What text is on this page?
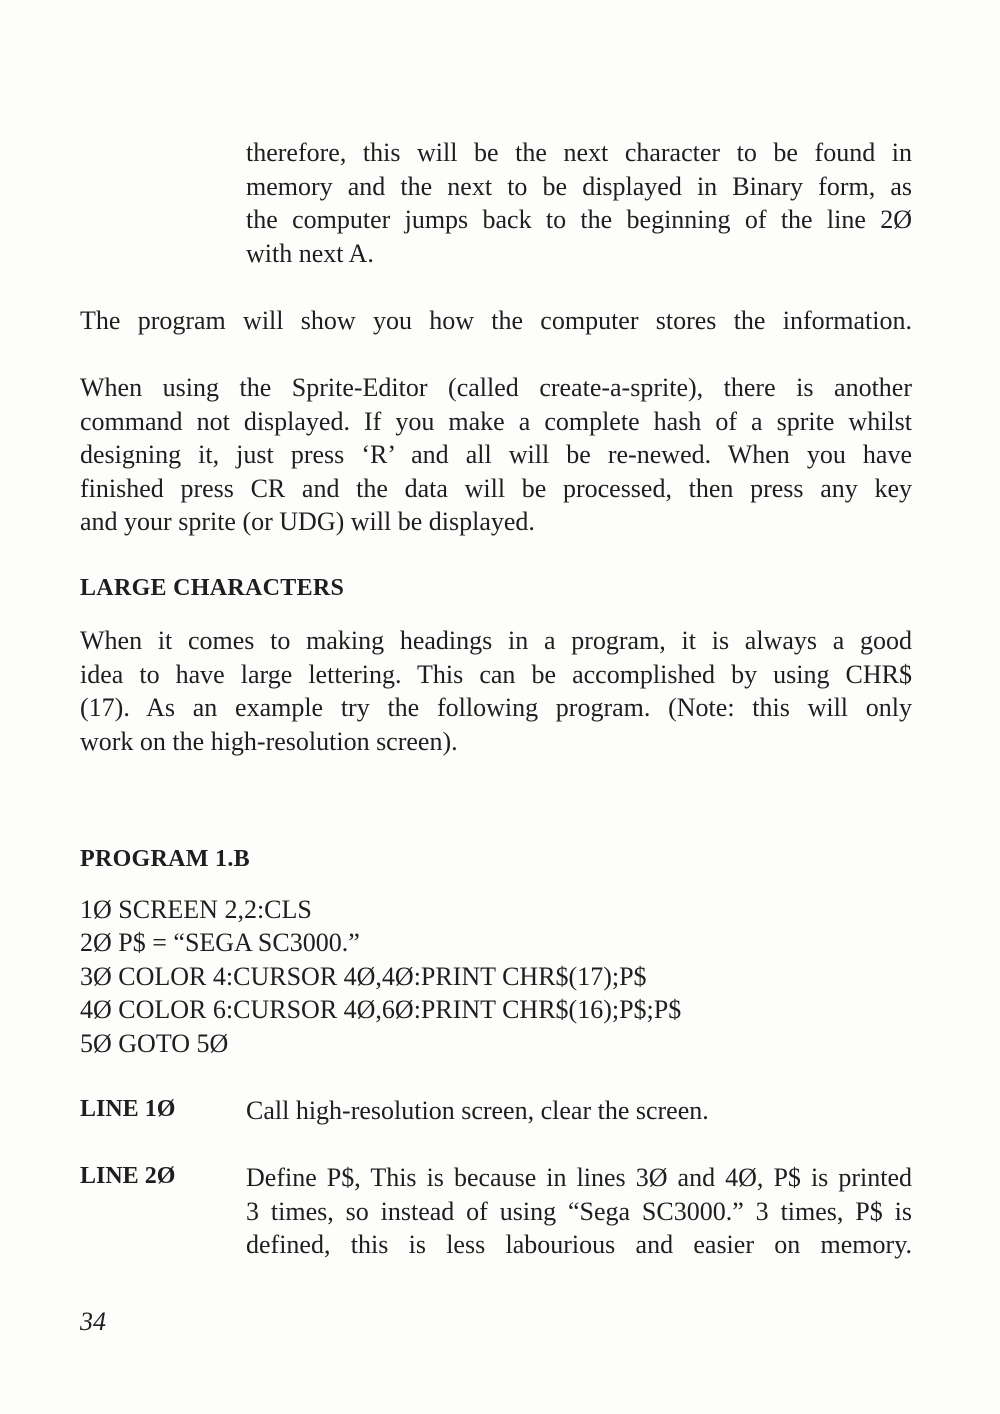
therefore, this will be the next character to be found in
memory and the next to be displayed in Binary form, as
the computer jumps back to the beginning of the line 2Ø
with next A.
The program will show you how the computer stores the information.
When using the Sprite-Editor (called create-a-sprite), there is another
command not displayed. If you make a complete hash of a sprite whilst
designing it, just press ‘R’ and all will be re-newed. When you have
finished press CR and the data will be processed, then press any key
and your sprite (or UDG) will be displayed.
LARGE CHARACTERS
When it comes to making headings in a program, it is always a good
idea to have large lettering. This can be accomplished by using CHR$
(17). As an example try the following program. (Note: this will only
work on the high-resolution screen).
PROGRAM 1.B
1Ø SCREEN 2,2:CLS
2Ø P$ = “SEGA SC3000.”
3Ø COLOR 4:CURSOR 4Ø,4Ø:PRINT CHR$(17);P$
4Ø COLOR 6:CURSOR 4Ø,6Ø:PRINT CHR$(16);P$;P$
5Ø GOTO 5Ø
LINE 1Ø	Call high-resolution screen, clear the screen.
LINE 2Ø	Define P$, This is because in lines 3Ø and 4Ø, P$ is printed
3 times, so instead of using “Sega SC3000.” 3 times, P$ is
defined, this is less labourious and easier on memory.
34
